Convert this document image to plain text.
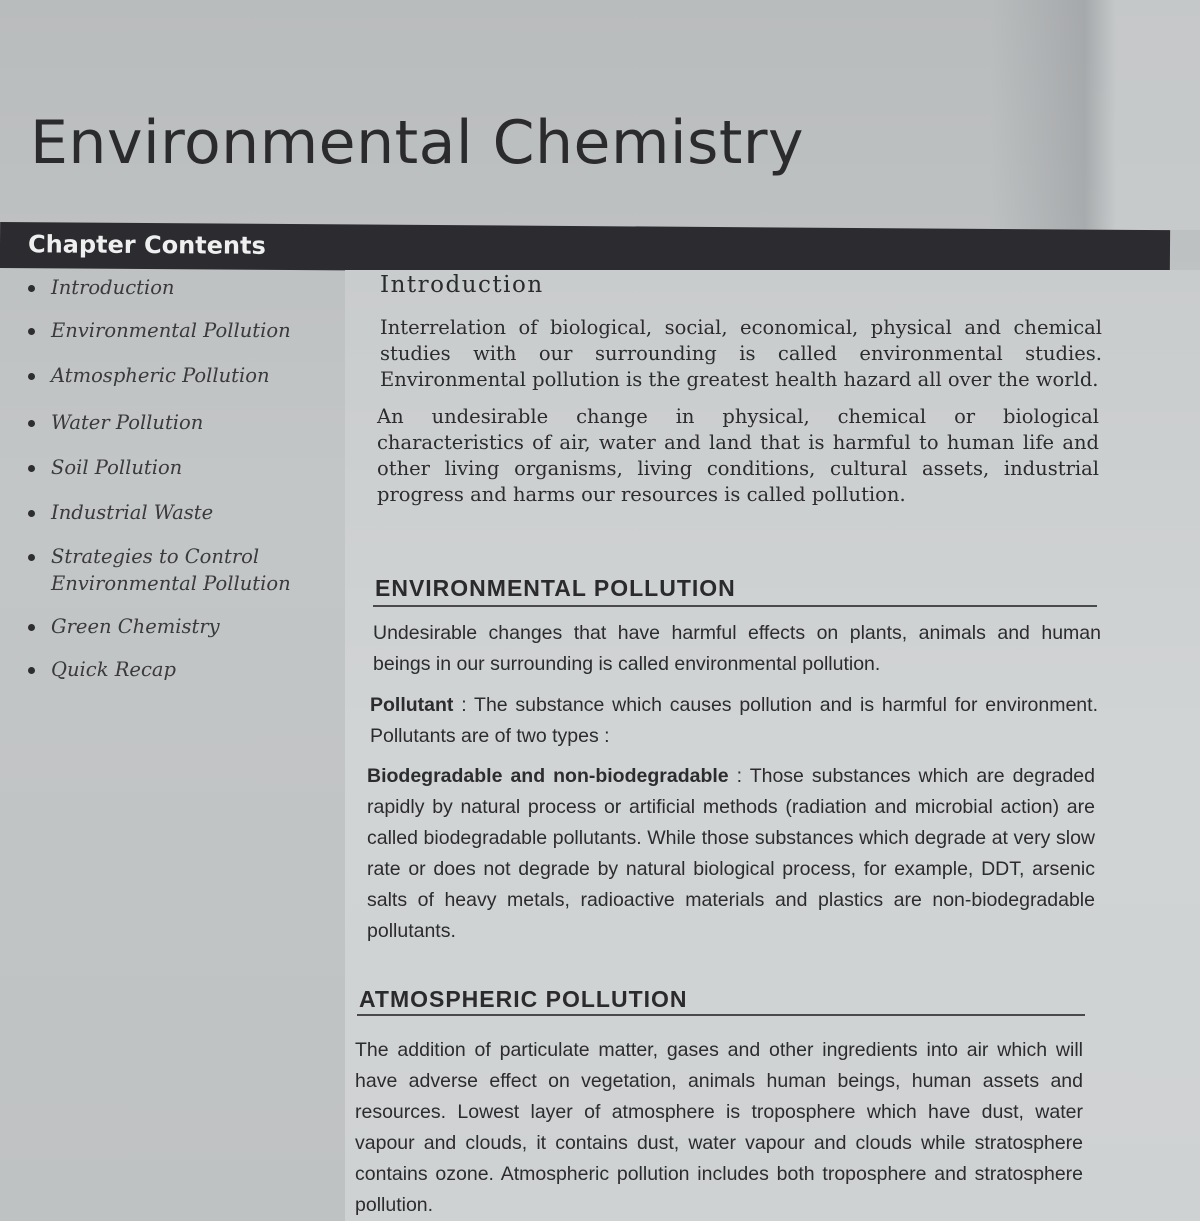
Environmental Chemistry
Chapter Contents
Introduction
Environmental Pollution
Atmospheric Pollution
Water Pollution
Soil Pollution
Industrial Waste
Strategies to Control
Environmental Pollution
Green Chemistry
Quick Recap
Introduction

Interrelation of biological, social, economical, physical and chemical studies with our surrounding is called environmental studies. Environmental pollution is the greatest health hazard all over the world.

An undesirable change in physical, chemical or biological characteristics of air, water and land that is harmful to human life and other living organisms, living conditions, cultural assets, industrial progress and harms our resources is called pollution.

ENVIRONMENTAL POLLUTION

Undesirable changes that have harmful effects on plants, animals and human beings in our surrounding is called environmental pollution.

Pollutant : The substance which causes pollution and is harmful for environment. Pollutants are of two types :

Biodegradable and non-biodegradable : Those substances which are degraded rapidly by natural process or artificial methods (radiation and microbial action) are called biodegradable pollutants. While those substances which degrade at very slow rate or does not degrade by natural biological process, for example, DDT, arsenic salts of heavy metals, radioactive materials and plastics are non-biodegradable pollutants.

ATMOSPHERIC POLLUTION

The addition of particulate matter, gases and other ingredients into air which will have adverse effect on vegetation, animals human beings, human assets and resources. Lowest layer of atmosphere is troposphere which have dust, water vapour and clouds, it contains dust, water vapour and clouds while stratosphere contains ozone. Atmospheric pollution includes both troposphere and stratosphere pollution.
